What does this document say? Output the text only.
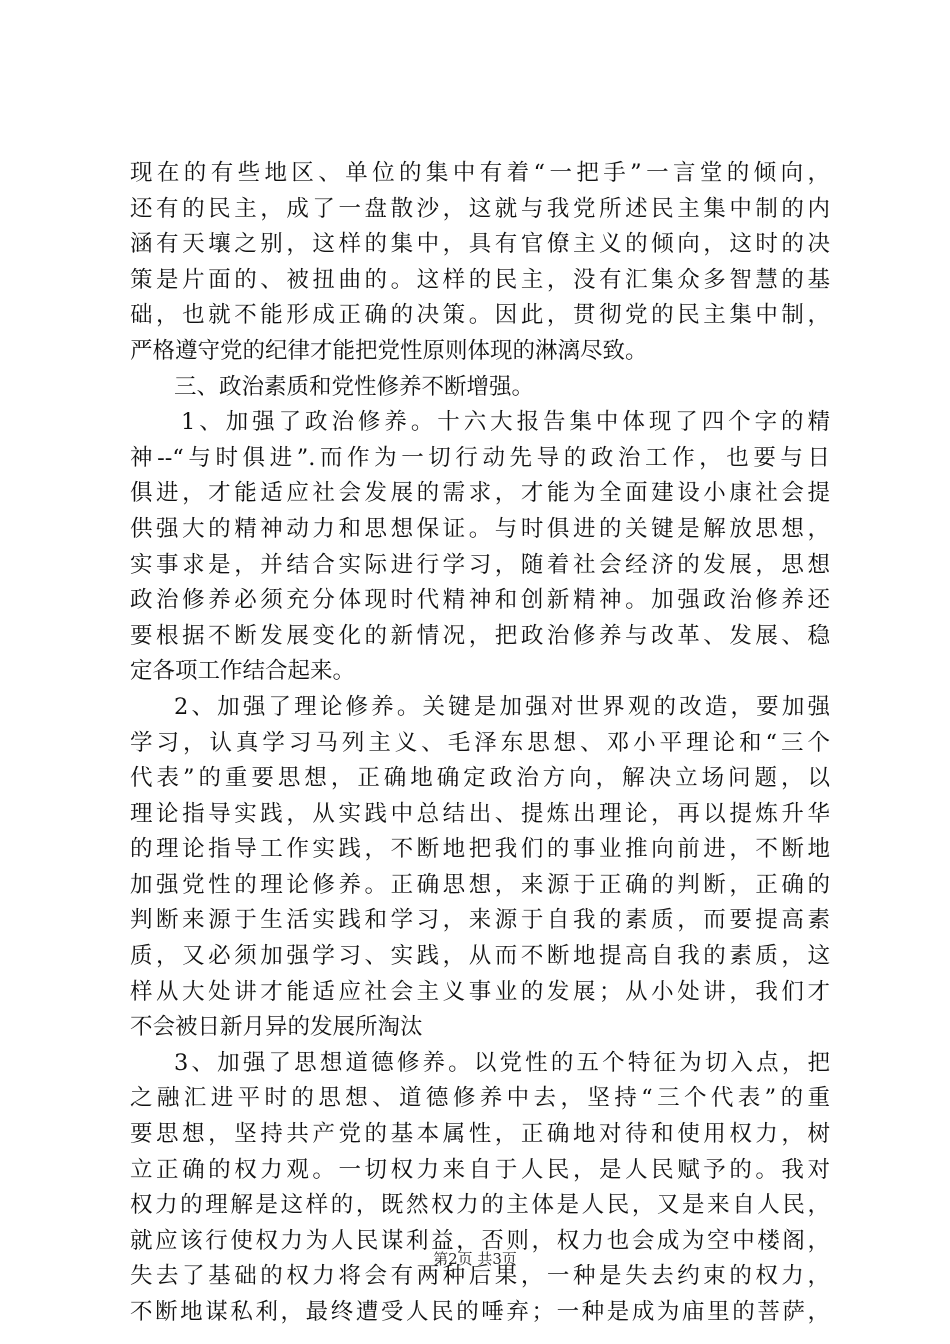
现在的有些地区、单位的集中有着“一把手”一言堂的倾向，
还有的民主，成了一盘散沙，这就与我党所述民主集中制的内
涵有天壤之别，这样的集中，具有官僚主义的倾向，这时的决
策是片面的、被扭曲的。这样的民主，没有汇集众多智慧的基
础，也就不能形成正确的决策。因此，贯彻党的民主集中制，
严格遵守党的纪律才能把党性原则体现的淋漓尽致。
三、政治素质和党性修养不断增强。
1、加强了政治修养。十六大报告集中体现了四个字的精
神--“与时俱进”.而作为一切行动先导的政治工作，也要与日
俱进，才能适应社会发展的需求，才能为全面建设小康社会提
供强大的精神动力和思想保证。与时俱进的关键是解放思想，
实事求是，并结合实际进行学习，随着社会经济的发展，思想
政治修养必须充分体现时代精神和创新精神。加强政治修养还
要根据不断发展变化的新情况，把政治修养与改革、发展、稳
定各项工作结合起来。
2、加强了理论修养。关键是加强对世界观的改造，要加强
学习，认真学习马列主义、毛泽东思想、邓小平理论和“三个
代表”的重要思想，正确地确定政治方向，解决立场问题，以
理论指导实践，从实践中总结出、提炼出理论，再以提炼升华
的理论指导工作实践，不断地把我们的事业推向前进，不断地
加强党性的理论修养。正确思想，来源于正确的判断，正确的
判断来源于生活实践和学习，来源于自我的素质，而要提高素
质，又必须加强学习、实践，从而不断地提高自我的素质，这
样从大处讲才能适应社会主义事业的发展；从小处讲，我们才
不会被日新月异的发展所淘汰
3、加强了思想道德修养。以党性的五个特征为切入点，把
之融汇进平时的思想、道德修养中去，坚持“三个代表”的重
要思想，坚持共产党的基本属性，正确地对待和使用权力，树
立正确的权力观。一切权力来自于人民，是人民赋予的。我对
权力的理解是这样的，既然权力的主体是人民，又是来自人民，
就应该行使权力为人民谋利益，否则，权力也会成为空中楼阁，
失去了基础的权力将会有两种后果，一种是失去约束的权力，
不断地谋私利，最终遭受人民的唾弃；一种是成为庙里的菩萨，
第2页 共3页
